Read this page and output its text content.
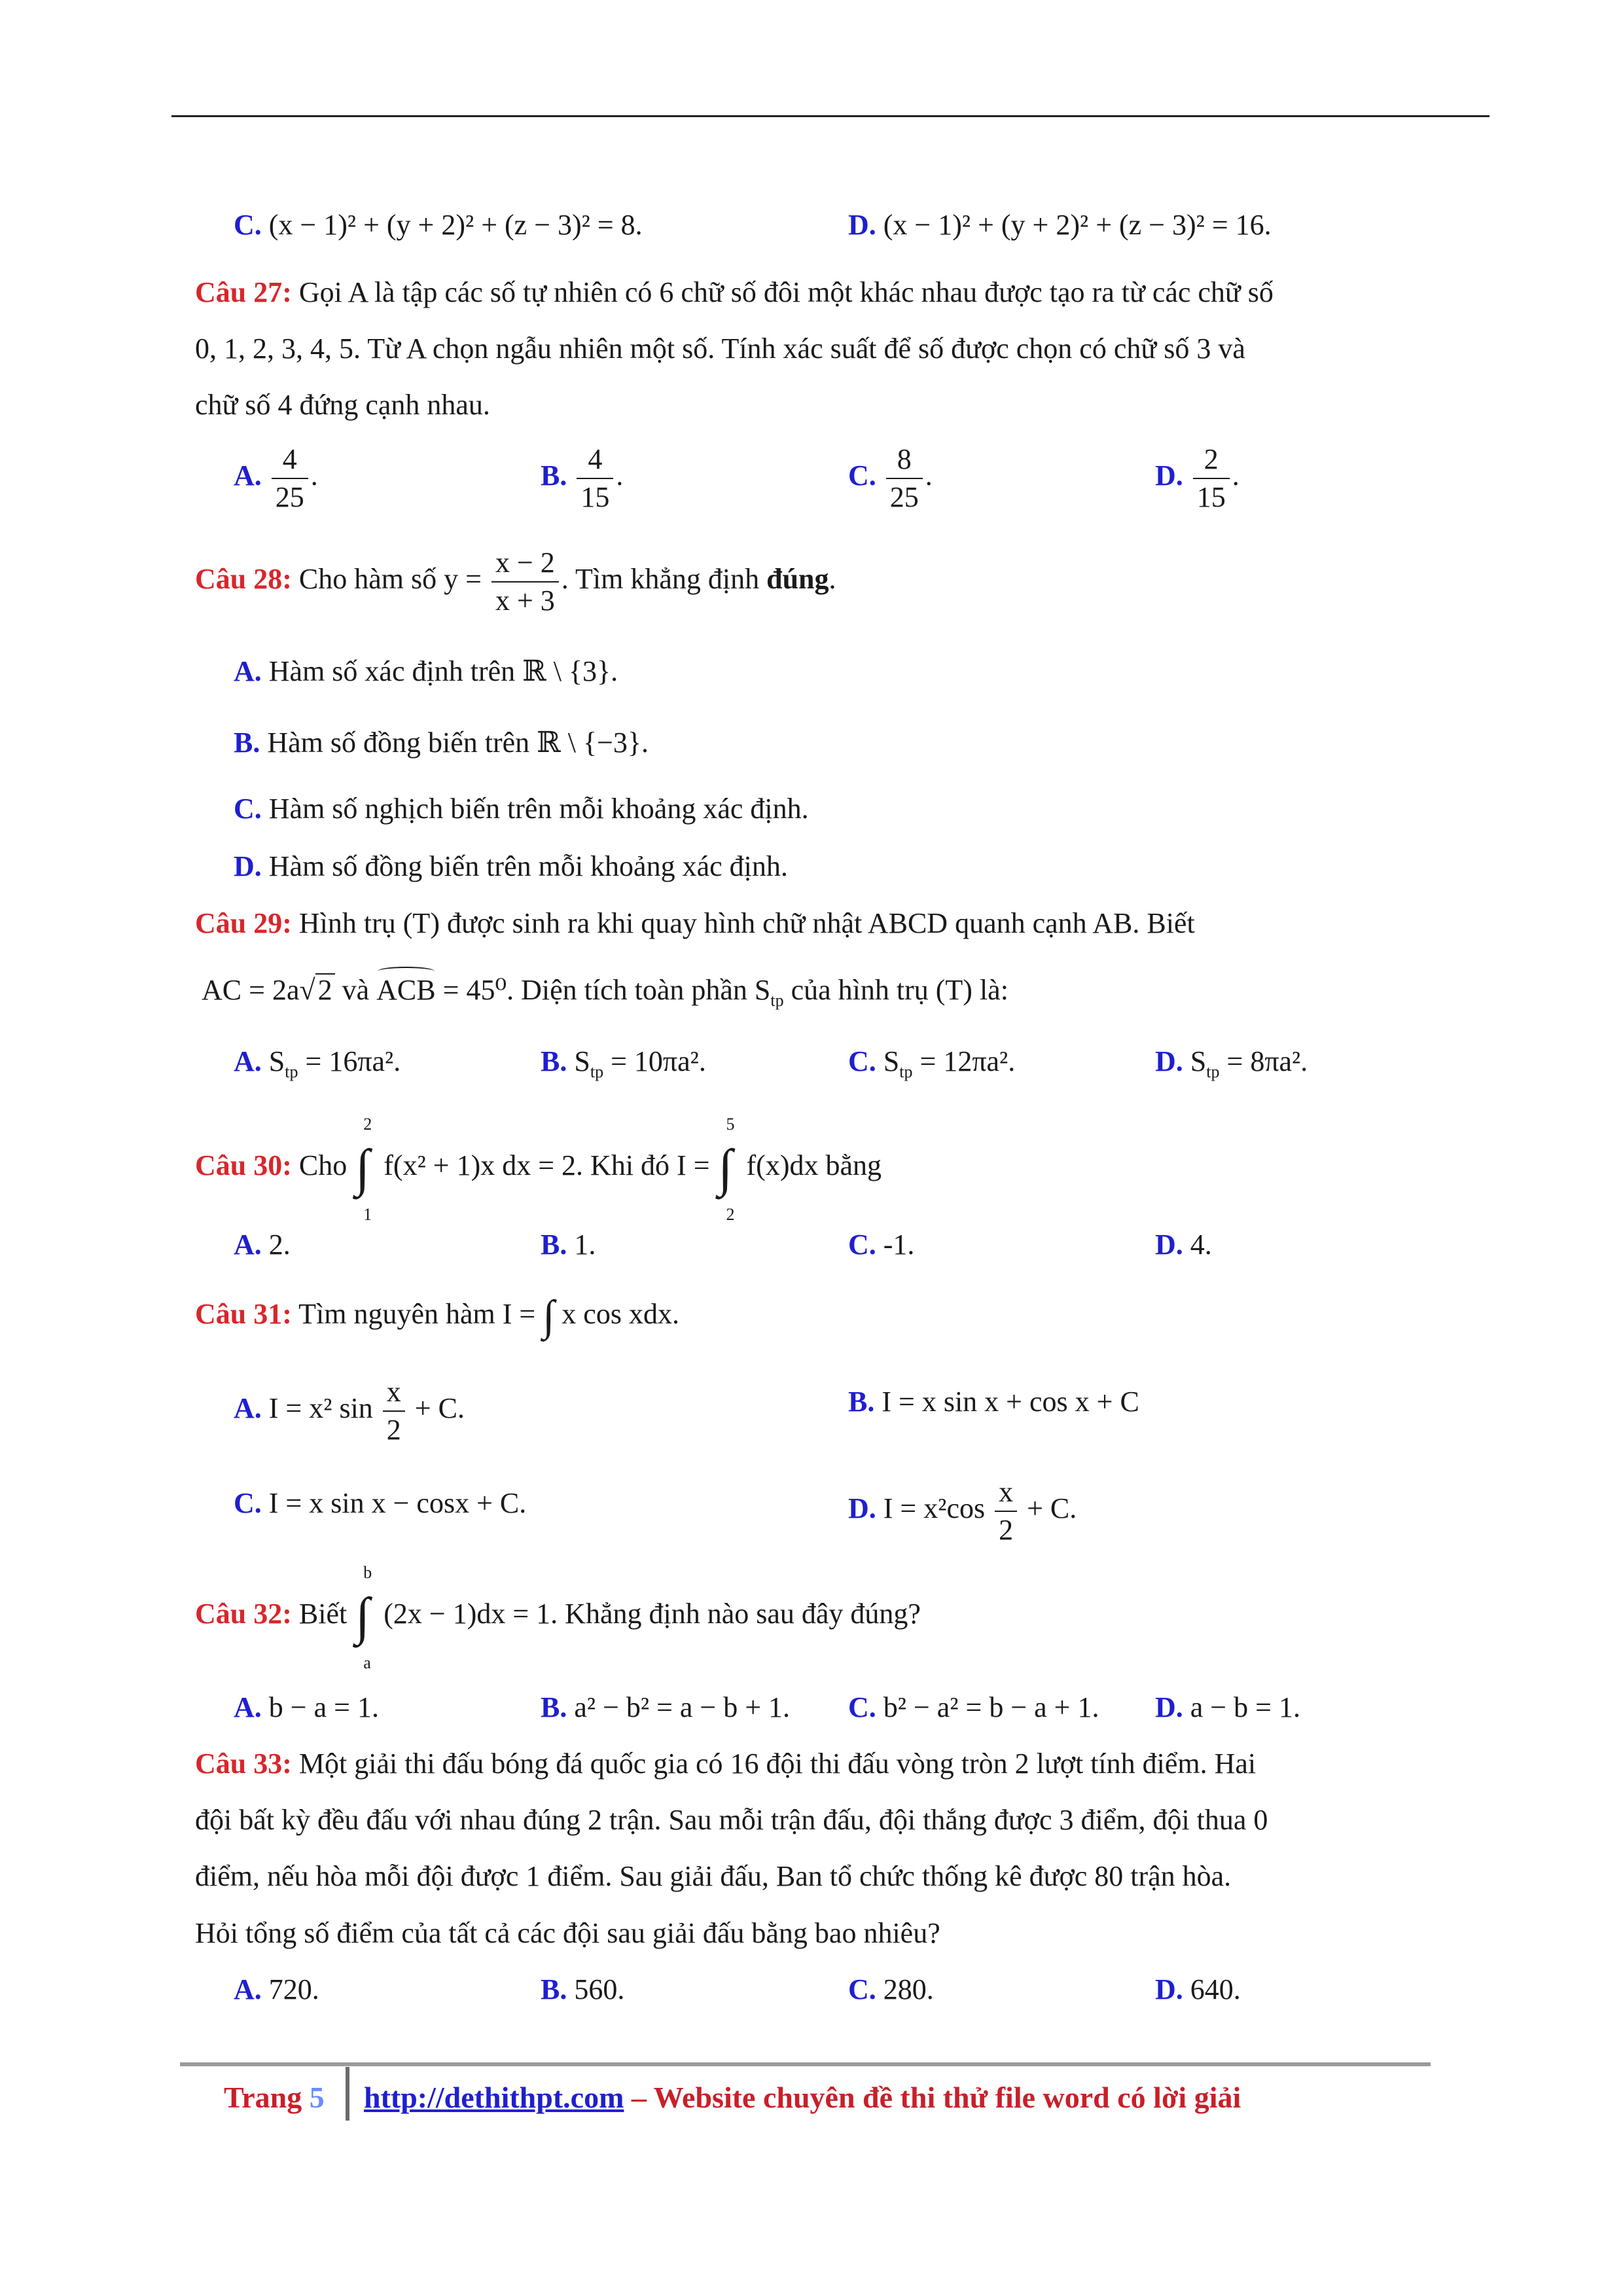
C. (x − 1)² + (y + 2)² + (z − 3)² = 8.	D. (x − 1)² + (y + 2)² + (z − 3)² = 16.
Câu 27: Gọi A là tập các số tự nhiên có 6 chữ số đôi một khác nhau được tạo ra từ các chữ số
0, 1, 2, 3, 4, 5. Từ A chọn ngẫu nhiên một số. Tính xác suất để số được chọn có chữ số 3 và
chữ số 4 đứng cạnh nhau.
A. $\frac{4}{25}$ .	B. $\frac{4}{15}$ .	C. $\frac{8}{25}$ .	D. $\frac{2}{15}$ .
Câu 28: Cho hàm số $y = \frac{x - 2}{x + 3}$ . Tìm khẳng định đúng.
A. Hàm số xác định trên ℝ \ {3}.
B. Hàm số đồng biến trên ℝ \ {−3}.
C. Hàm số nghịch biến trên mỗi khoảng xác định.
D. Hàm số đồng biến trên mỗi khoảng xác định.
Câu 29: Hình trụ (T) được sinh ra khi quay hình chữ nhật ABCD quanh cạnh AB. Biết
AC = 2a√2 và ACB = 45⁰. Diện tích toàn phần $S_{tp}$ của hình trụ (T) là:
A. $S_{tp} = 16\pi a^2$.	B. $S_{tp} = 10\pi a^2$.	C. $S_{tp} = 12\pi a^2$.	D. $S_{tp} = 8\pi a^2$.
Câu 30: Cho ∫
2
1
f(x² + 1)x dx = 2. Khi đó I = ∫
5
2
f(x)dx bằng
A. 2.	B. 1.	C. -1.	D. 4.
Câu 31: Tìm nguyên hàm I = ∫ x cos xdx.
A. I = x² $\sin \frac{x}{2} + C$.	B. I = x sin x + cos x + C
C. I = x sin x − cosx + C.	D. $I = x^2\cos \frac{x}{2} + C$.
Câu 32: Biết ∫
b
a
(2x − 1)dx = 1. Khẳng định nào sau đây đúng?
A. b − a = 1.	B. a² − b² = a − b + 1. C. b² − a² = b − a + 1. D. a − b = 1.
Câu 33: Một giải thi đấu bóng đá quốc gia có 16 đội thi đấu vòng tròn 2 lượt tính điểm. Hai
đội bất kỳ đều đấu với nhau đúng 2 trận. Sau mỗi trận đấu, đội thắng được 3 điểm, đội thua 0
điểm, nếu hòa mỗi đội được 1 điểm. Sau giải đấu, Ban tổ chức thống kê được 80 trận hòa.
Hỏi tổng số điểm của tất cả các đội sau giải đấu bằng bao nhiêu?
A. 720.	B. 560.	C. 280.	D. 640.
Trang 5 http://dethithpt.com – Website chuyên đề thi thử file word có lời giải
